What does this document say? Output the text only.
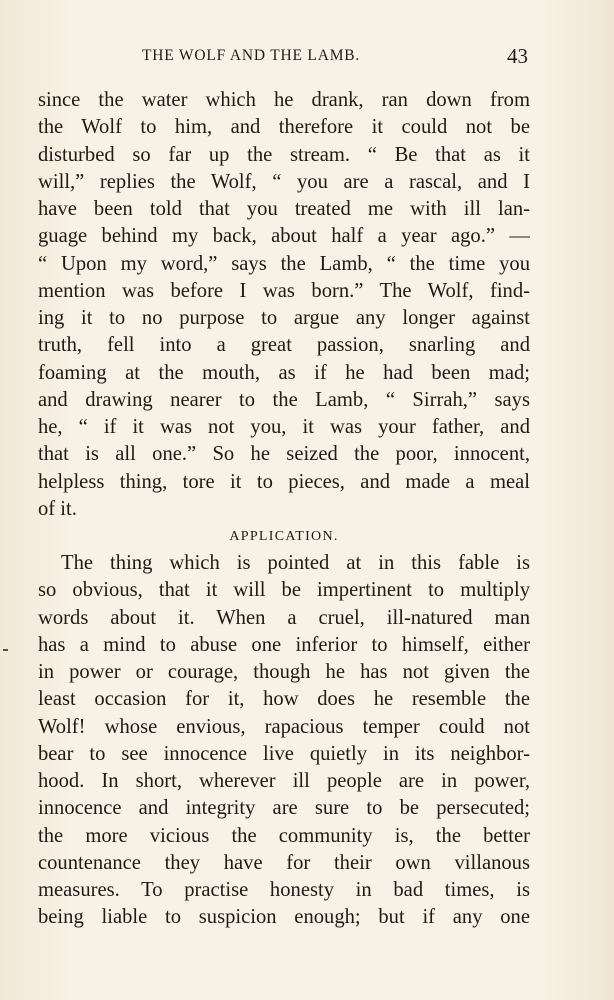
THE WOLF AND THE LAMB.	43
since the water which he drank, ran down from
the Wolf to him, and therefore it could not be
disturbed so far up the stream. “ Be that as it
will,” replies the Wolf, “ you are a rascal, and I
have been told that you treated me with ill lan-
guage behind my back, about half a year ago.” —
“ Upon my word,” says the Lamb, “ the time you
mention was before I was born.” The Wolf, find-
ing it to no purpose to argue any longer against
truth, fell into a great passion, snarling and
foaming at the mouth, as if he had been mad;
and drawing nearer to the Lamb, “ Sirrah,” says
he, “ if it was not you, it was your father, and
that is all one.” So he seized the poor, innocent,
helpless thing, tore it to pieces, and made a meal
of it.
APPLICATION.
The thing which is pointed at in this fable is
so obvious, that it will be impertinent to multiply
words about it. When a cruel, ill-natured man
has a mind to abuse one inferior to himself, either
in power or courage, though he has not given the
least occasion for it, how does he resemble the
Wolf! whose envious, rapacious temper could not
bear to see innocence live quietly in its neighbor-
hood. In short, wherever ill people are in power,
innocence and integrity are sure to be persecuted;
the more vicious the community is, the better
countenance they have for their own villanous
measures. To practise honesty in bad times, is
being liable to suspicion enough; but if any one
